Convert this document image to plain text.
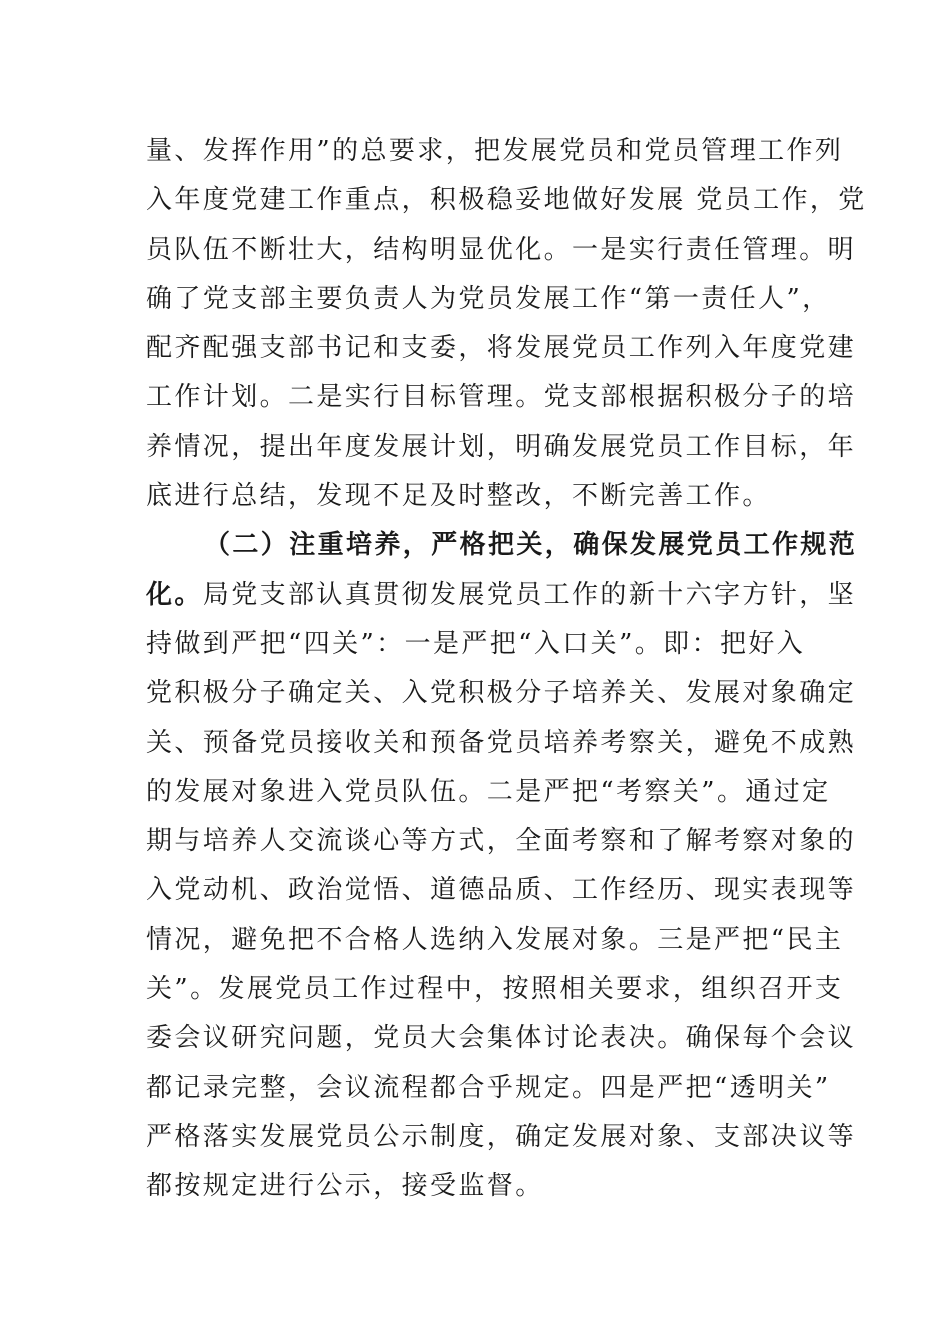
量、发挥作用”的总要求，把发展党员和党员管理工作列
入年度党建工作重点，积极稳妥地做好发展 党员工作，党
员队伍不断壮大，结构明显优化。一是实行责任管理。明
确了党支部主要负责人为党员发展工作“第一责任人”，
配齐配强支部书记和支委，将发展党员工作列入年度党建
工作计划。二是实行目标管理。党支部根据积极分子的培
养情况，提出年度发展计划，明确发展党员工作目标，年
底进行总结，发现不足及时整改，不断完善工作。
（二）注重培养，严格把关，确保发展党员工作规范
化。局党支部认真贯彻发展党员工作的新十六字方针，坚
持做到严把“四关”：一是严把“入口关”。即：把好入
党积极分子确定关、入党积极分子培养关、发展对象确定
关、预备党员接收关和预备党员培养考察关，避免不成熟
的发展对象进入党员队伍。二是严把“考察关”。通过定
期与培养人交流谈心等方式，全面考察和了解考察对象的
入党动机、政治觉悟、道德品质、工作经历、现实表现等
情况，避免把不合格人选纳入发展对象。三是严把“民主
关”。发展党员工作过程中，按照相关要求，组织召开支
委会议研究问题，党员大会集体讨论表决。确保每个会议
都记录完整，会议流程都合乎规定。四是严把“透明关”
严格落实发展党员公示制度，确定发展对象、支部决议等
都按规定进行公示，接受监督。
